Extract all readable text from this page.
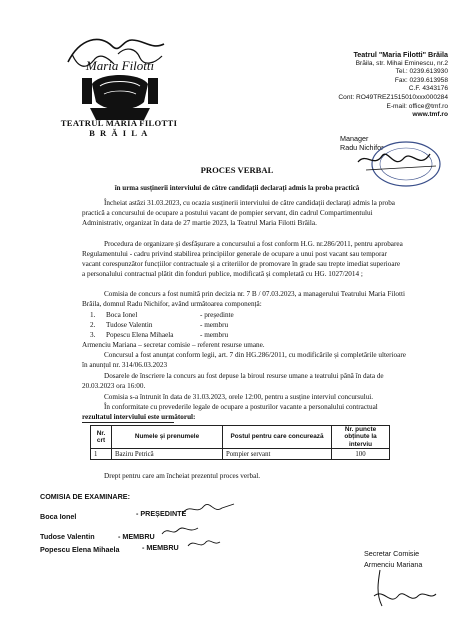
Maria Filotti
TEATRUL MARIA FILOTTI
B R Ă I L A
Teatrul "Maria Filotti" Brăila
Brăila, str. Mihai Eminescu, nr.2
Tel.: 0239.613930
Fax: 0239.613958
C.F. 4343176
Cont: RO49TREZ1515010xxx000284
E-mail: office@tmf.ro
www.tmf.ro
Manager
Radu Nichifor
PROCES VERBAL
în urma susținerii interviului de către candidații declarați admis la proba practică
Încheiat astăzi 31.03.2023, cu ocazia susținerii interviului de către candidații declarați admis la proba
practică a concursului de ocupare a postului vacant de pompier servant, din cadrul Compartimentului
Administrativ, organizat în data de 27 martie 2023, la Teatrul Maria Filotti Brăila.
Procedura de organizare și desfășurare a concursului a fost conform H.G. nr.286/2011, pentru aprobarea
Regulamentului - cadru privind stabilirea principiilor generale de ocupare a unui post vacant sau temporar
vacant corespunzător funcțiilor contractuale și a criteriilor de promovare în grade sau trepte imediat superioare
a personalului contractual plătit din fonduri publice, modificată și completată cu HG. 1027/2014 ;
Comisia de concurs a fost numită prin decizia nr. 7 B / 07.03.2023, a managerului Teatrului Maria Filotti
Brăila, domnul Radu Nichifor, având următoarea componență:
1. Boca Ionel	- președinte
2. Tudose Valentin	- membru
3. Popescu Elena Mihaela	- membru
Armenciu Mariana – secretar comisie – referent resurse umane.
Concursul a fost anunțat conform legii, art. 7 din HG.286/2011, cu modificările și completările ulterioare
în anunțul nr. 314/06.03.2023
Dosarele de înscriere la concurs au fost depuse la biroul resurse umane a teatrului până în data de
20.03.2023 ora 16:00.
Comisia s-a întrunit în data de 31.03.2023, orele 12:00, pentru a susține interviul concursului.
În conformitate cu prevederile legale de ocupare a posturilor vacante a personalului contractual
rezultatul interviului este următorul:
Nr. crt	Numele și prenumele	Postul pentru care concurează	Nr. puncte obținute la interviu
1	Baziru Petrică	Pompier servant	100
Drept pentru care am încheiat prezentul proces verbal.
COMISIA DE EXAMINARE:
Boca Ionel	- PREȘEDINTE
Tudose Valentin	- MEMBRU
Popescu Elena Mihaela	- MEMBRU
Secretar Comisie
Armenciu Mariana
